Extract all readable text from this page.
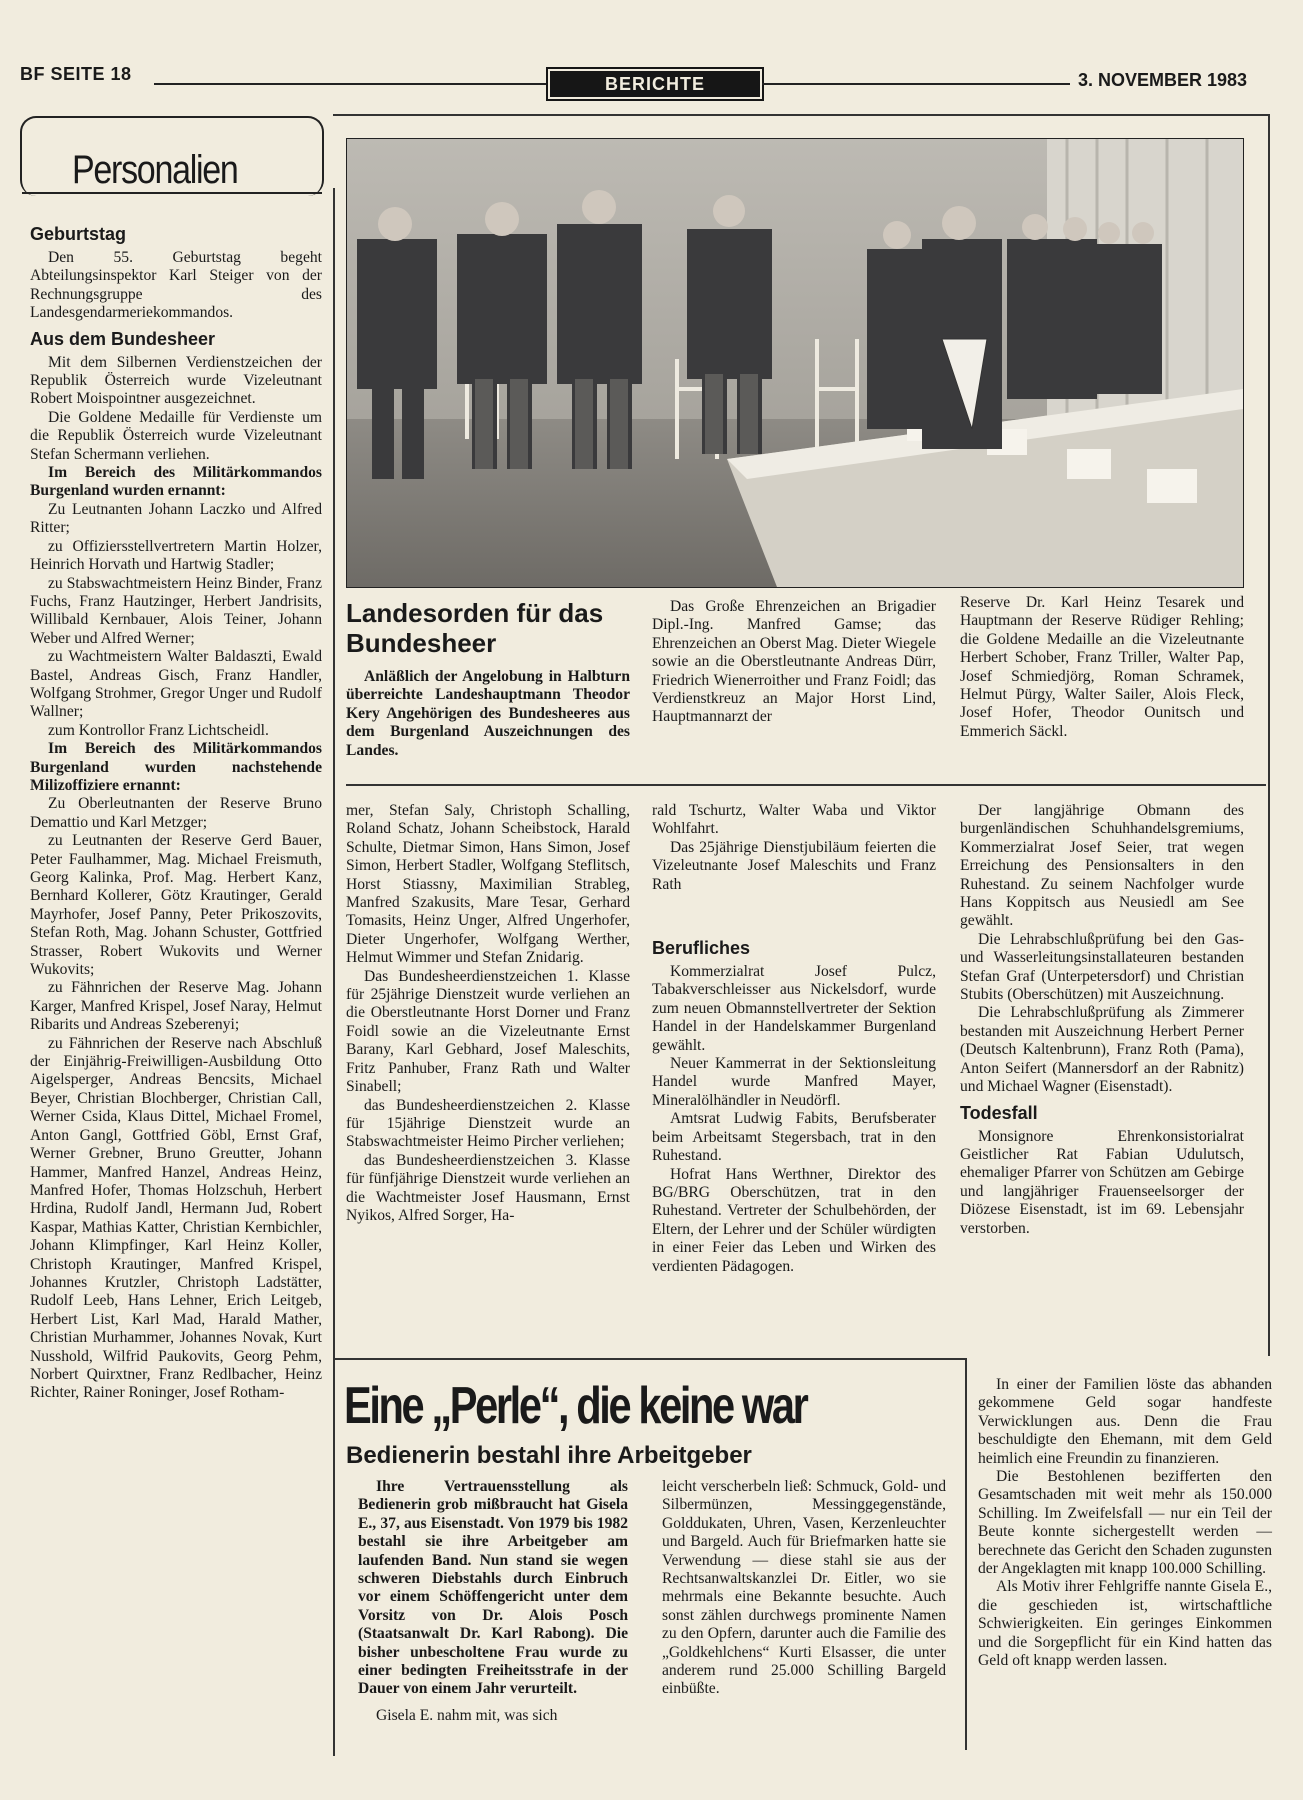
BF SEITE 18	BERICHTE	3. NOVEMBER 1983
Personalien
Geburtstag

Den 55. Geburtstag begeht Abteilungsinspektor Karl Steiger von der Rechnungsgruppe des Landesgendarmeriekommandos.

Aus dem Bundesheer

Mit dem Silbernen Verdienstzeichen der Republik Österreich wurde Vizeleutnant Robert Moispointner ausgezeichnet.

Die Goldene Medaille für Verdienste um die Republik Österreich wurde Vizeleutnant Stefan Schermann verliehen.

Im Bereich des Militärkommandos Burgenland wurden ernannt:

Zu Leutnanten Johann Laczko und Alfred Ritter;

zu Offiziersstellvertretern Martin Holzer, Heinrich Horvath und Hartwig Stadler;

zu Stabswachtmeistern Heinz Binder, Franz Fuchs, Franz Hautzinger, Herbert Jandrisits, Willibald Kernbauer, Alois Teiner, Johann Weber und Alfred Werner;

zu Wachtmeistern Walter Baldaszti, Ewald Bastel, Andreas Gisch, Franz Handler, Wolfgang Strohmer, Gregor Unger und Rudolf Wallner;

zum Kontrollor Franz Lichtscheidl.

Im Bereich des Militärkommandos Burgenland wurden nachstehende Milizoffiziere ernannt:

Zu Oberleutnanten der Reserve Bruno Demattio und Karl Metzger;

zu Leutnanten der Reserve Gerd Bauer, Peter Faulhammer, Mag. Michael Freismuth, Georg Kalinka, Prof. Mag. Herbert Kanz, Bernhard Kollerer, Götz Krautinger, Gerald Mayrhofer, Josef Panny, Peter Prikoszovits, Stefan Roth, Mag. Johann Schuster, Gottfried Strasser, Robert Wukovits und Werner Wukovits;

zu Fähnrichen der Reserve Mag. Johann Karger, Manfred Krispel, Josef Naray, Helmut Ribarits und Andreas Szeberenyi;

zu Fähnrichen der Reserve nach Abschluß der Einjährig-Freiwilligen-Ausbildung Otto Aigelsperger, Andreas Bencsits, Michael Beyer, Christian Blochberger, Christian Call, Werner Csida, Klaus Dittel, Michael Fromel, Anton Gangl, Gottfried Göbl, Ernst Graf, Werner Grebner, Bruno Greutter, Johann Hammer, Manfred Hanzel, Andreas Heinz, Manfred Hofer, Thomas Holzschuh, Herbert Hrdina, Rudolf Jandl, Hermann Jud, Robert Kaspar, Mathias Katter, Christian Kernbichler, Johann Klimpfinger, Karl Heinz Koller, Christoph Krautinger, Manfred Krispel, Johannes Krutzler, Christoph Ladstätter, Rudolf Leeb, Hans Lehner, Erich Leitgeb, Herbert List, Karl Mad, Harald Mather, Christian Murhammer, Johannes Novak, Kurt Nusshold, Wilfrid Paukovits, Georg Pehm, Norbert Quirxtner, Franz Redlbacher, Heinz Richter, Rainer Roninger, Josef Rotham-

Landesorden für das Bundesheer

Anläßlich der Angelobung in Halbturn überreichte Landeshauptmann Theodor Kery Angehörigen des Bundesheeres aus dem Burgenland Auszeichnungen des Landes.

Das Große Ehrenzeichen an Brigadier Dipl.-Ing. Manfred Gamse; das Ehrenzeichen an Oberst Mag. Dieter Wiegele sowie an die Oberstleutnante Andreas Dürr, Friedrich Wienerroither und Franz Foidl; das Verdienstkreuz an Major Horst Lind, Hauptmannarzt der

Reserve Dr. Karl Heinz Tesarek und Hauptmann der Reserve Rüdiger Rehling; die Goldene Medaille an die Vizeleutnante Herbert Schober, Franz Triller, Walter Pap, Josef Schmiedjörg, Roman Schramek, Helmut Pürgy, Walter Sailer, Alois Fleck, Josef Hofer, Theodor Ounitsch und Emmerich Säckl.

mer, Stefan Saly, Christoph Schalling, Roland Schatz, Johann Scheibstock, Harald Schulte, Dietmar Simon, Hans Simon, Josef Simon, Herbert Stadler, Wolfgang Steflitsch, Horst Stiassny, Maximilian Strableg, Manfred Szakusits, Mare Tesar, Gerhard Tomasits, Heinz Unger, Alfred Ungerhofer, Dieter Ungerhofer, Wolfgang Werther, Helmut Wimmer und Stefan Znidarig.

Das Bundesheerdienstzeichen 1. Klasse für 25jährige Dienstzeit wurde verliehen an die Oberstleutnante Horst Dorner und Franz Foidl sowie an die Vizeleutnante Ernst Barany, Karl Gebhard, Josef Maleschits, Fritz Panhuber, Franz Rath und Walter Sinabell;

das Bundesheerdienstzeichen 2. Klasse für 15jährige Dienstzeit wurde an Stabswachtmeister Heimo Pircher verliehen;

das Bundesheerdienstzeichen 3. Klasse für fünfjährige Dienstzeit wurde verliehen an die Wachtmeister Josef Hausmann, Ernst Nyikos, Alfred Sorger, Ha-

rald Tschurtz, Walter Waba und Viktor Wohlfahrt.

Das 25jährige Dienstjubiläum feierten die Vizeleutnante Josef Maleschits und Franz Rath

Berufliches

Kommerzialrat Josef Pulcz, Tabakverschleisser aus Nickelsdorf, wurde zum neuen Obmannstellvertreter der Sektion Handel in der Handelskammer Burgenland gewählt.

Neuer Kammerrat in der Sektionsleitung Handel wurde Manfred Mayer, Mineralölhändler in Neudörfl.

Amtsrat Ludwig Fabits, Berufsberater beim Arbeitsamt Stegersbach, trat in den Ruhestand.

Hofrat Hans Werthner, Direktor des BG/BRG Oberschützen, trat in den Ruhestand. Vertreter der Schulbehörden, der Eltern, der Lehrer und der Schüler würdigten in einer Feier das Leben und Wirken des verdienten Pädagogen.

Der langjährige Obmann des burgenländischen Schuhhandelsgremiums, Kommerzialrat Josef Seier, trat wegen Erreichung des Pensionsalters in den Ruhestand. Zu seinem Nachfolger wurde Hans Koppitsch aus Neusiedl am See gewählt.

Die Lehrabschlußprüfung bei den Gas- und Wasserleitungsinstallateuren bestanden Stefan Graf (Unterpetersdorf) und Christian Stubits (Oberschützen) mit Auszeichnung.

Die Lehrabschlußprüfung als Zimmerer bestanden mit Auszeichnung Herbert Perner (Deutsch Kaltenbrunn), Franz Roth (Pama), Anton Seifert (Mannersdorf an der Rabnitz) und Michael Wagner (Eisenstadt).

Todesfall

Monsignore Ehrenkonsistorialrat Geistlicher Rat Fabian Udulutsch, ehemaliger Pfarrer von Schützen am Gebirge und langjähriger Frauenseelsorger der Diözese Eisenstadt, ist im 69. Lebensjahr verstorben.

Eine „Perle“, die keine war
Bedienerin bestahl ihre Arbeitgeber

Ihre Vertrauensstellung als Bedienerin grob mißbraucht hat Gisela E., 37, aus Eisenstadt. Von 1979 bis 1982 bestahl sie ihre Arbeitgeber am laufenden Band. Nun stand sie wegen schweren Diebstahls durch Einbruch vor einem Schöffengericht unter dem Vorsitz von Dr. Alois Posch (Staatsanwalt Dr. Karl Rabong). Die bisher unbescholtene Frau wurde zu einer bedingten Freiheitsstrafe in der Dauer von einem Jahr verurteilt.

Gisela E. nahm mit, was sich

leicht verscherbeln ließ: Schmuck, Gold- und Silbermünzen, Messinggegenstände, Golddukaten, Uhren, Vasen, Kerzenleuchter und Bargeld. Auch für Briefmarken hatte sie Verwendung — diese stahl sie aus der Rechtsanwaltskanzlei Dr. Eitler, wo sie mehrmals eine Bekannte besuchte. Auch sonst zählen durchwegs prominente Namen zu den Opfern, darunter auch die Familie des „Goldkehlchens“ Kurti Elsasser, die unter anderem rund 25.000 Schilling Bargeld einbüßte.

In einer der Familien löste das abhanden gekommene Geld sogar handfeste Verwicklungen aus. Denn die Frau beschuldigte den Ehemann, mit dem Geld heimlich eine Freundin zu finanzieren.

Die Bestohlenen bezifferten den Gesamtschaden mit weit mehr als 150.000 Schilling. Im Zweifelsfall — nur ein Teil der Beute konnte sichergestellt werden — berechnete das Gericht den Schaden zugunsten der Angeklagten mit knapp 100.000 Schilling.

Als Motiv ihrer Fehlgriffe nannte Gisela E., die geschieden ist, wirtschaftliche Schwierigkeiten. Ein geringes Einkommen und die Sorgepflicht für ein Kind hatten das Geld oft knapp werden lassen.
